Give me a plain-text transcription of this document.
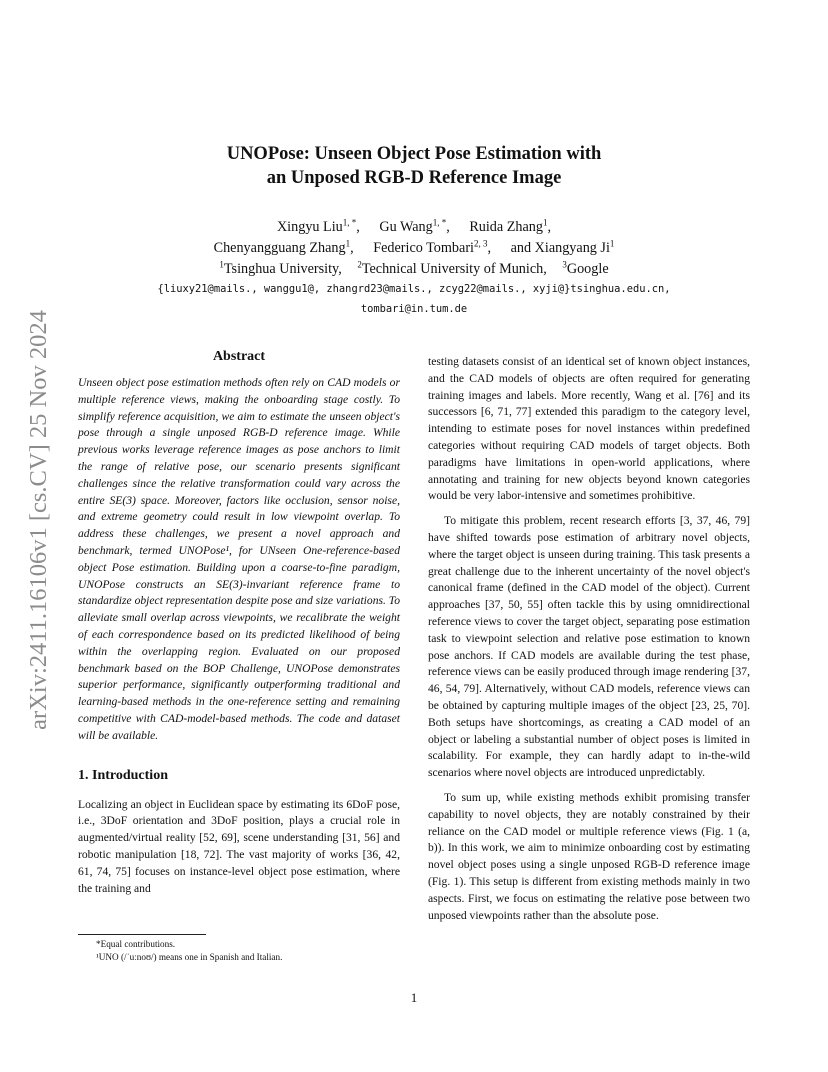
arXiv:2411.16106v1 [cs.CV] 25 Nov 2024
UNOPose: Unseen Object Pose Estimation with
an Unposed RGB-D Reference Image
Xingyu Liu$^{1, *}$, Gu Wang$^{1, *}$, Ruida Zhang$^1$,
Chenyangguang Zhang$^1$, Federico Tombari$^{2, 3}$, and Xiangyang Ji$^1$
$^1$Tsinghua University, $^2$Technical University of Munich, $^3$Google
{liuxy21@mails., wanggu1@, zhangrd23@mails., zcyg22@mails., xyji@}tsinghua.edu.cn,
tombari@in.tum.de
Abstract

Unseen object pose estimation methods often rely on CAD models or multiple reference views, making the onboarding stage costly. To simplify reference acquisition, we aim to estimate the unseen object's pose through a single unposed RGB-D reference image. While previous works leverage reference images as pose anchors to limit the range of relative pose, our scenario presents significant challenges since the relative transformation could vary across the entire SE(3) space. Moreover, factors like occlusion, sensor noise, and extreme geometry could result in low viewpoint overlap. To address these challenges, we present a novel approach and benchmark, termed UNOPose¹, for UNseen One-reference-based object Pose estimation. Building upon a coarse-to-fine paradigm, UNOPose constructs an SE(3)-invariant reference frame to standardize object representation despite pose and size variations. To alleviate small overlap across viewpoints, we recalibrate the weight of each correspondence based on its predicted likelihood of being within the overlapping region. Evaluated on our proposed benchmark based on the BOP Challenge, UNOPose demonstrates superior performance, significantly outperforming traditional and learning-based methods in the one-reference setting and remaining competitive with CAD-model-based methods. The code and dataset will be available.

1. Introduction

Localizing an object in Euclidean space by estimating its 6DoF pose, i.e., 3DoF orientation and 3DoF position, plays a crucial role in augmented/virtual reality [52, 69], scene understanding [31, 56] and robotic manipulation [18, 72]. The vast majority of works [36, 42, 61, 74, 75] focuses on instance-level object pose estimation, where the training and

*Equal contributions.
¹UNO (/ˈuːnoʊ/) means one in Spanish and Italian.

testing datasets consist of an identical set of known object instances, and the CAD models of objects are often required for generating training images and labels. More recently, Wang et al. [76] and its successors [6, 71, 77] extended this paradigm to the category level, intending to estimate poses for novel instances within predefined categories without requiring CAD models of target objects. Both paradigms have limitations in open-world applications, where annotating and training for new objects beyond known categories would be very labor-intensive and sometimes prohibitive.

To mitigate this problem, recent research efforts [3, 37, 46, 79] have shifted towards pose estimation of arbitrary novel objects, where the target object is unseen during training. This task presents a great challenge due to the inherent uncertainty of the novel object's canonical frame (defined in the CAD model of the object). Current approaches [37, 50, 55] often tackle this by using omnidirectional reference views to cover the target object, separating pose estimation task to viewpoint selection and relative pose estimation to known pose anchors. If CAD models are available during the test phase, reference views can be easily produced through image rendering [37, 46, 54, 79]. Alternatively, without CAD models, reference views can be obtained by capturing multiple images of the object [23, 25, 70]. Both setups have shortcomings, as creating a CAD model of an object or labeling a substantial number of object poses is limited in scalability. For example, they can hardly adapt to in-the-wild scenarios where novel objects are introduced unpredictably.

To sum up, while existing methods exhibit promising transfer capability to novel objects, they are notably constrained by their reliance on the CAD model or multiple reference views (Fig. 1 (a, b)). In this work, we aim to minimize onboarding cost by estimating novel object poses using a single unposed RGB-D reference image (Fig. 1). This setup is different from existing methods mainly in two aspects. First, we focus on estimating the relative pose between two unposed viewpoints rather than the absolute pose.

1
